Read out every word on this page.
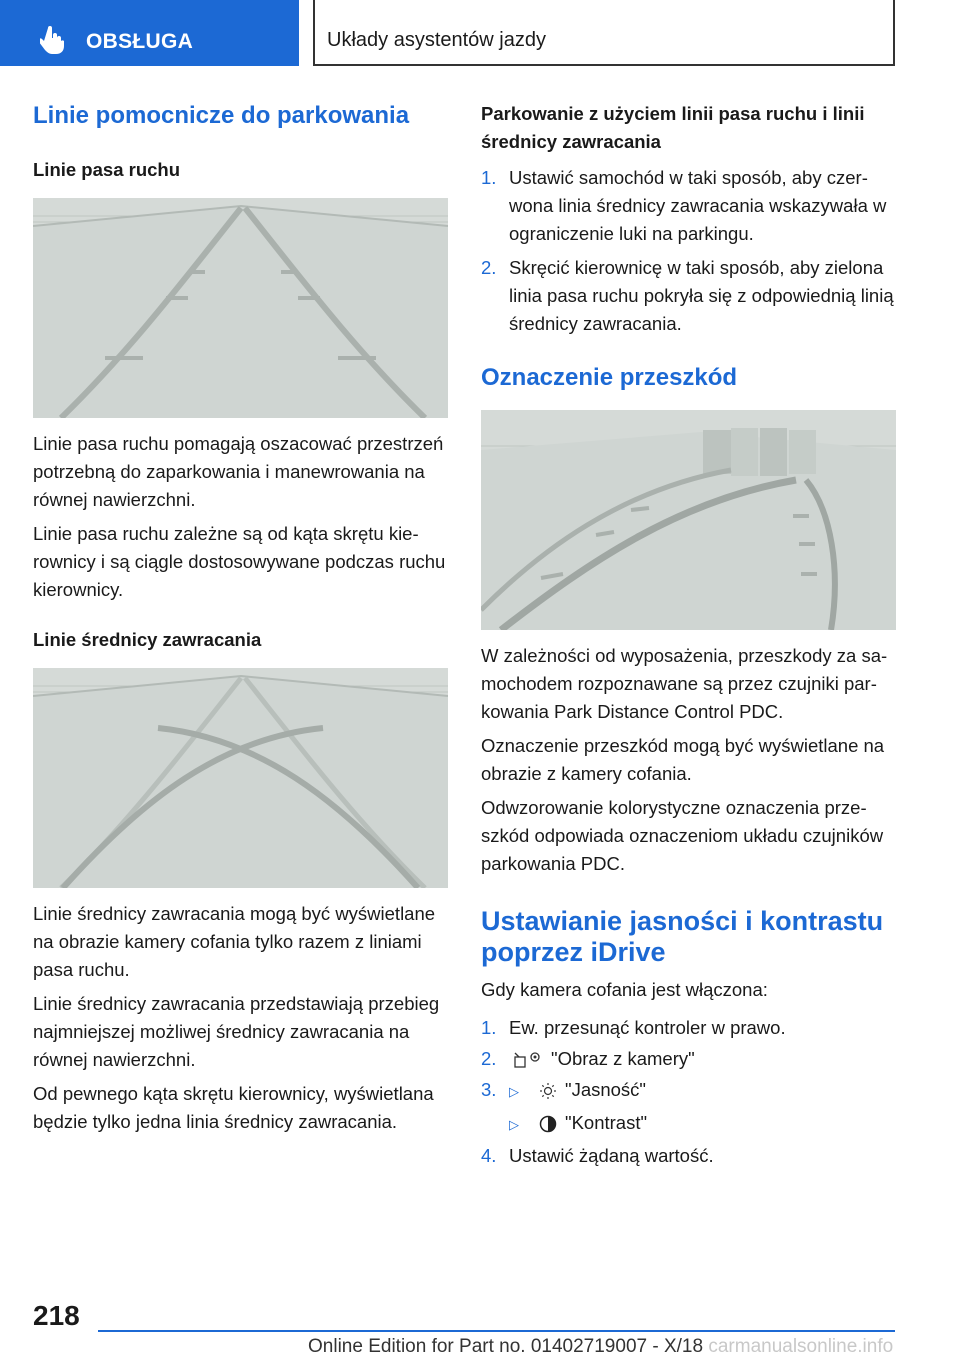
OBSŁUGA	Układy asystentów jazdy
Linie pomocnicze do parkowania
Linie pasa ruchu

Linie pasa ruchu pomagają oszacować przestrzeń potrzebną do zaparkowania i manewrowania na równej nawierzchni.

Linie pasa ruchu zależne są od kąta skrętu kierownicy i są ciągle dostosowywane podczas ruchu kierownicy.

Linie średnicy zawracania

Linie średnicy zawracania mogą być wyświetlane na obrazie kamery cofania tylko razem z liniami pasa ruchu.

Linie średnicy zawracania przedstawiają przebieg najmniejszej możliwej średnicy zawracania na równej nawierzchni.

Od pewnego kąta skrętu kierownicy, wyświetlana będzie tylko jedna linia średnicy zawracania.

Parkowanie z użyciem linii pasa ruchu i linii średnicy zawracania
1. Ustawić samochód w taki sposób, aby czerwona linia średnicy zawracania wskazywała w ograniczenie luki na parkingu.
2. Skręcić kierownicę w taki sposób, aby zielona linia pasa ruchu pokryła się z odpowiednią linią średnicy zawracania.
Oznaczenie przeszkód

W zależności od wyposażenia, przeszkody za samochodem rozpoznawane są przez czujniki parkowania Park Distance Control PDC.

Oznaczenie przeszkód mogą być wyświetlane na obrazie z kamery cofania.

Odwzorowanie kolorystyczne oznaczenia przeszkód odpowiada oznaczeniom układu czujników parkowania PDC.

Ustawianie jasności i kontrastu poprzez iDrive

Gdy kamera cofania jest włączona:

1. Ew. przesunąć kontroler w prawo.
2.	"Obraz z kamery"
3. ▷ "Jasność"
▷ "Kontrast"
4. Ustawić żądaną wartość.
218
Online Edition for Part no. 01402719007 - X/18 carmanualsonline.info
